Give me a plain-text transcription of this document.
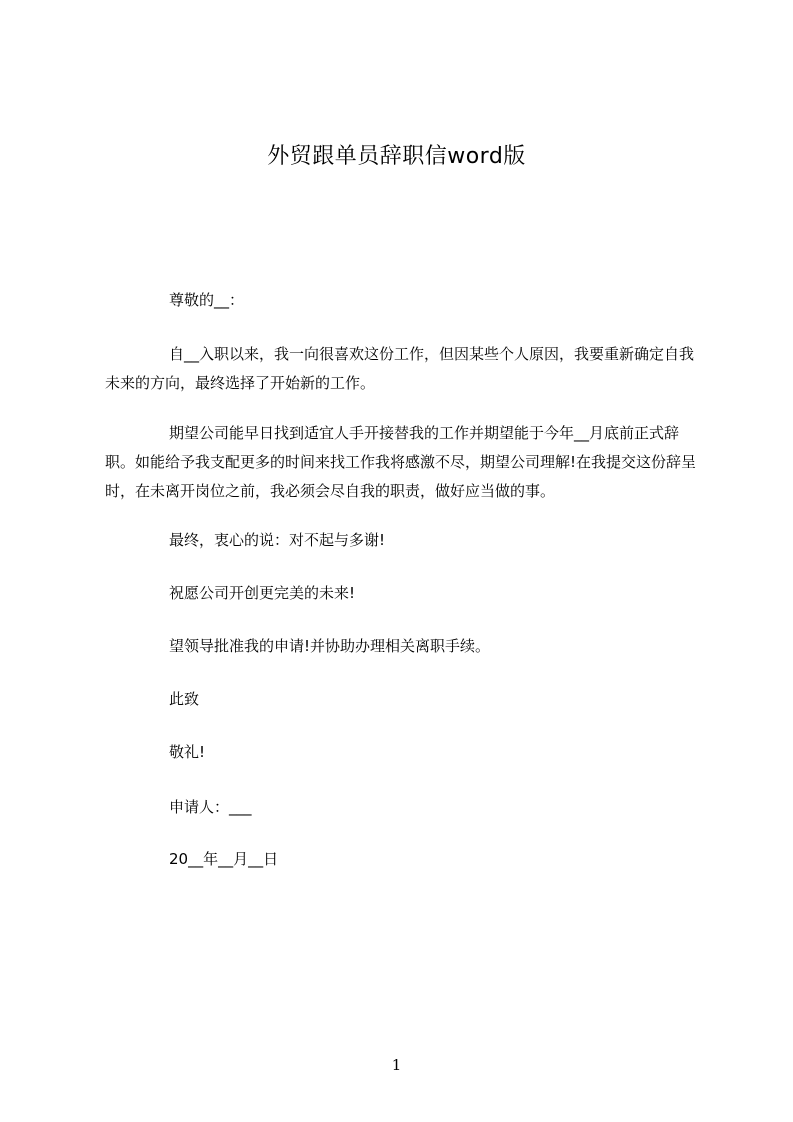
外贸跟单员辞职信word版
尊敬的__：
自__入职以来，我一向很喜欢这份工作，但因某些个人原因，我要重新确定自我未来的方向，最终选择了开始新的工作。
期望公司能早日找到适宜人手开接替我的工作并期望能于今年__月底前正式辞职。如能给予我支配更多的时间来找工作我将感激不尽，期望公司理解!在我提交这份辞呈时，在未离开岗位之前，我必须会尽自我的职责，做好应当做的事。
最终，衷心的说：对不起与多谢!
祝愿公司开创更完美的未来!
望领导批准我的申请!并协助办理相关离职手续。
此致
敬礼!
申请人：___
20__年__月__日
1
